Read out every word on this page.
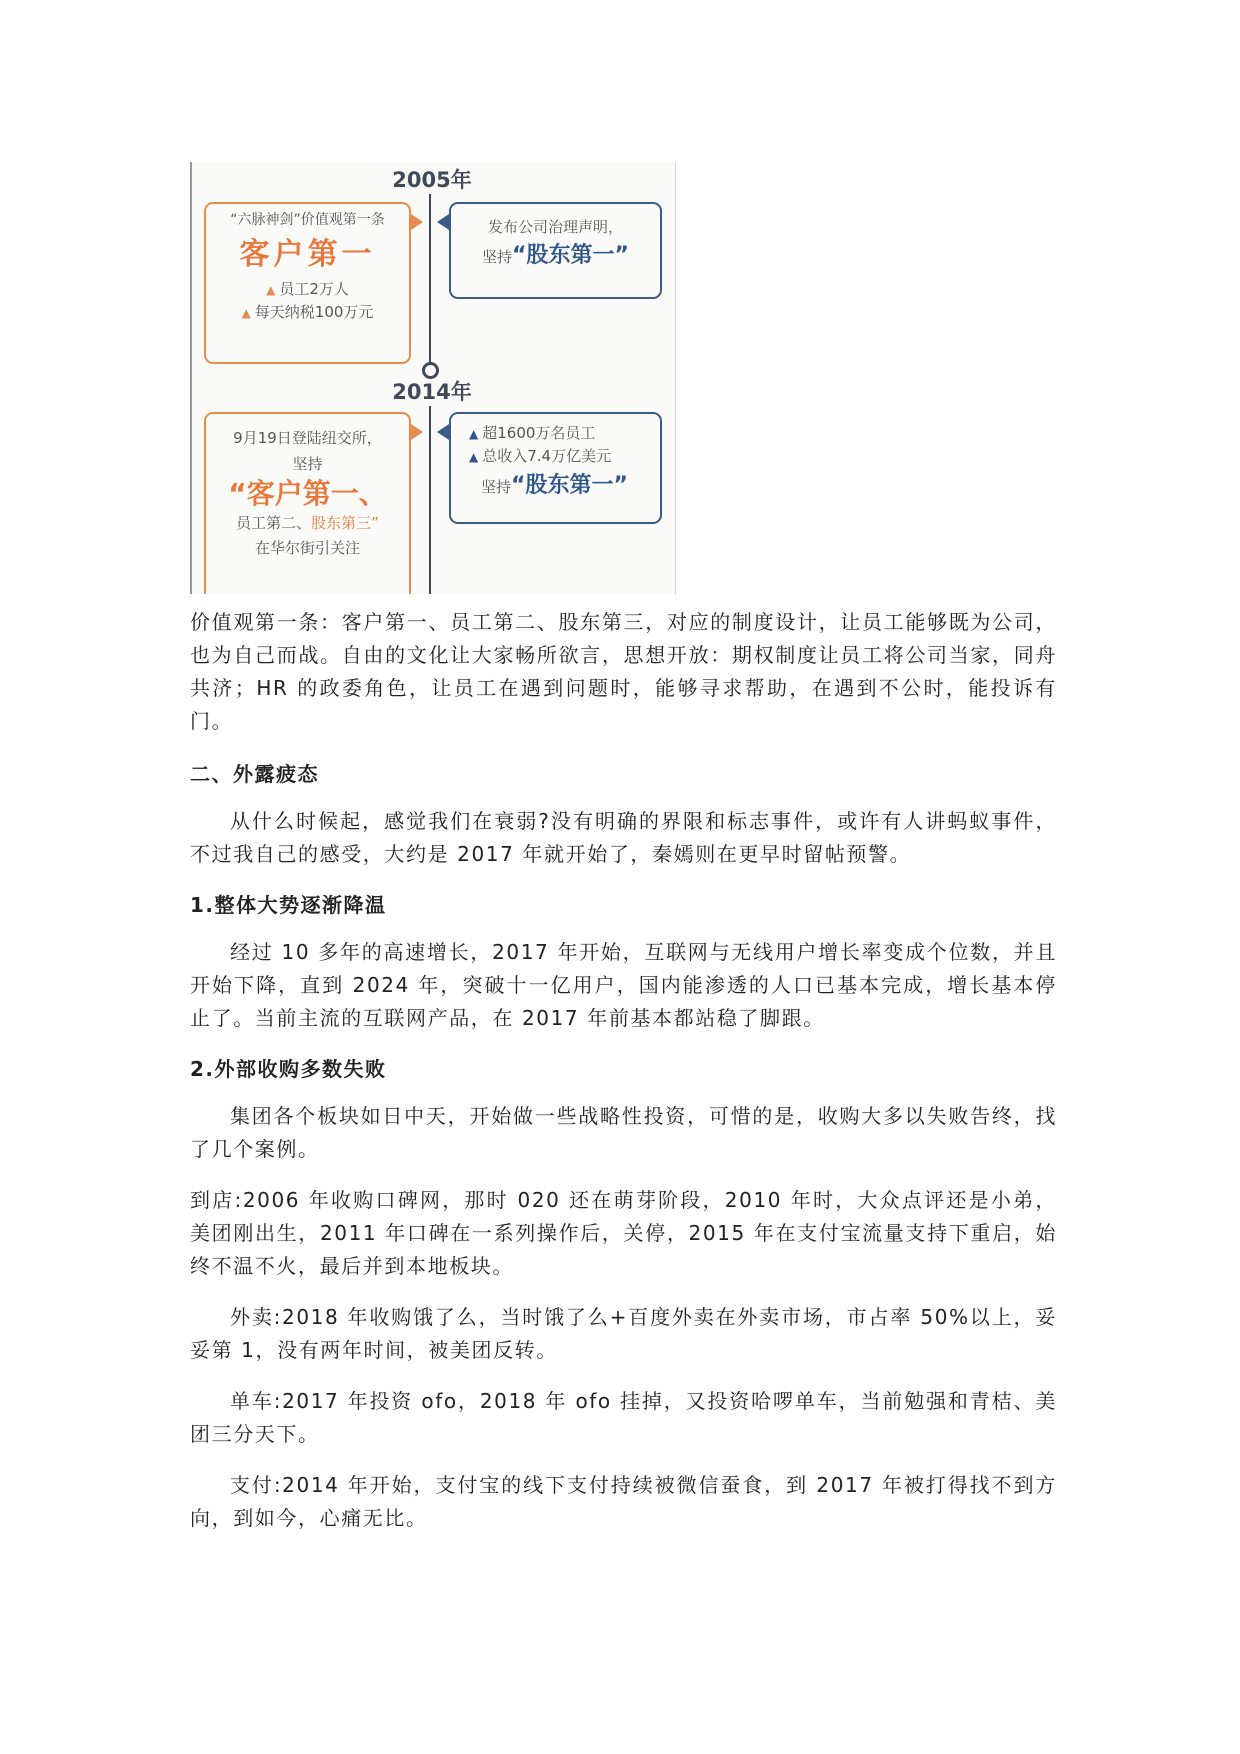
2005年
2014年
“六脉神剑”价值观第一条
客户第一
▲ 员工2万人
▲ 每天纳税100万元
发布公司治理声明，
坚持“股东第一”
9月19日登陆纽交所，
坚持
“客户第一、
员工第二、股东第三”
在华尔街引关注
▲ 超1600万名员工
▲ 总收入7.4万亿美元
坚持“股东第一”

价值观第一条：客户第一、员工第二、股东第三，对应的制度设计，让员工能够既为公司，也为自己而战。自由的文化让大家畅所欲言，思想开放：期权制度让员工将公司当家，同舟共济；HR 的政委角色，让员工在遇到问题时，能够寻求帮助，在遇到不公时，能投诉有门。

二、外露疲态

从什么时候起，感觉我们在衰弱?没有明确的界限和标志事件，或许有人讲蚂蚁事件，不过我自己的感受，大约是 2017 年就开始了，秦嫣则在更早时留帖预警。

1.整体大势逐渐降温

经过 10 多年的高速增长，2017 年开始，互联网与无线用户增长率变成个位数，并且开始下降，直到 2024 年，突破十一亿用户，国内能渗透的人口已基本完成，增长基本停止了。当前主流的互联网产品，在 2017 年前基本都站稳了脚跟。

2.外部收购多数失败

集团各个板块如日中天，开始做一些战略性投资，可惜的是，收购大多以失败告终，找了几个案例。

到店:2006 年收购口碑网，那时 020 还在萌芽阶段，2010 年时，大众点评还是小弟，美团刚出生，2011 年口碑在一系列操作后，关停，2015 年在支付宝流量支持下重启，始终不温不火，最后并到本地板块。

外卖:2018 年收购饿了么，当时饿了么+百度外卖在外卖市场，市占率 50%以上，妥妥第 1，没有两年时间，被美团反转。

单车:2017 年投资 ofo，2018 年 ofo 挂掉，又投资哈啰单车，当前勉强和青桔、美团三分天下。

支付:2014 年开始，支付宝的线下支付持续被微信蚕食，到 2017 年被打得找不到方向，到如今，心痛无比。
